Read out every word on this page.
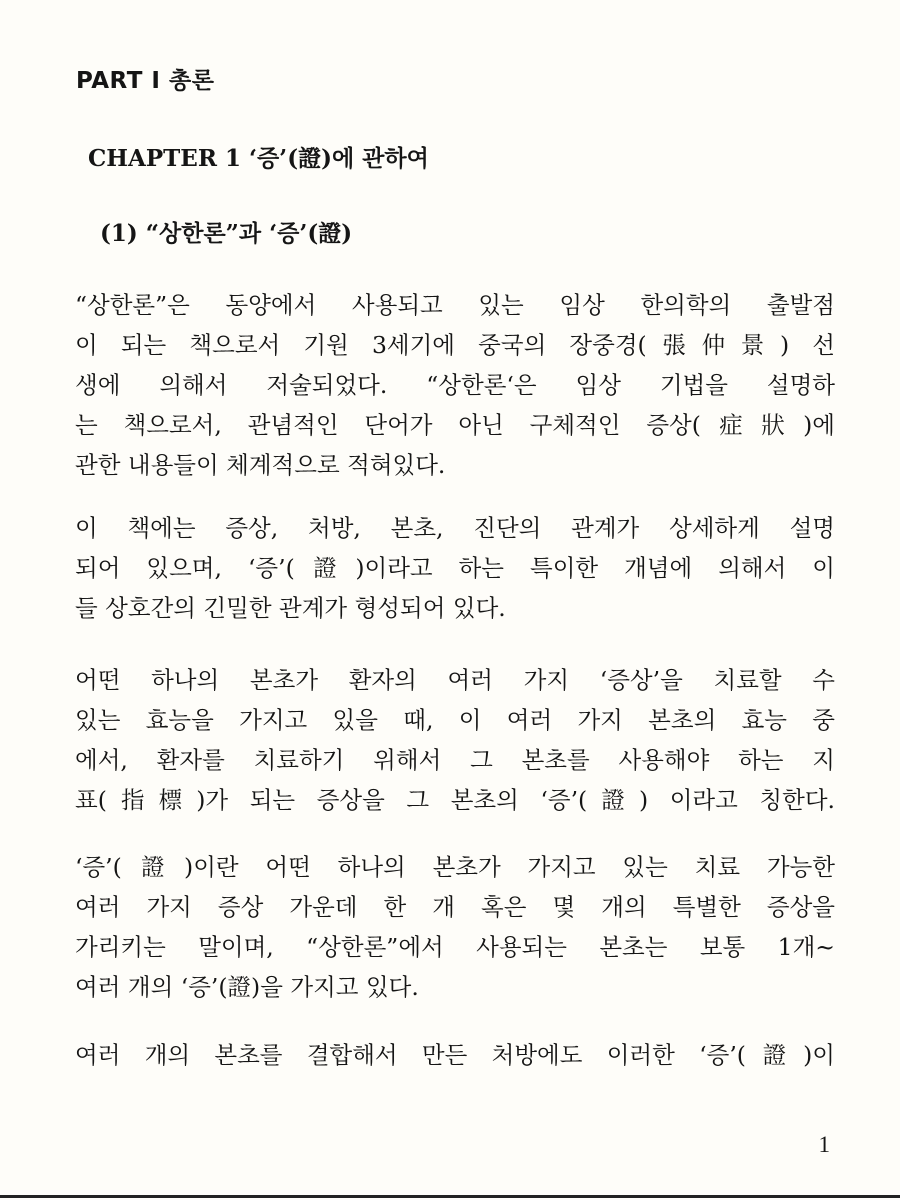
PART I 총론
CHAPTER 1 ‘증’(證)에 관하여
(1) “상한론”과 ‘증’(證)
“상한론”은 동양에서 사용되고 있는 임상 한의학의 출발점
이 되는 책으로서 기원 3세기에 중국의 장중경(張仲景) 선
생에 의해서 저술되었다. “상한론‘은 임상 기법을 설명하
는 책으로서, 관념적인 단어가 아닌 구체적인 증상(症狀)에
관한 내용들이 체계적으로 적혀있다.
이 책에는 증상, 처방, 본초, 진단의 관계가 상세하게 설명
되어 있으며, ‘증’(證)이라고 하는 특이한 개념에 의해서 이
들 상호간의 긴밀한 관계가 형성되어 있다.
어떤 하나의 본초가 환자의 여러 가지 ‘증상’을 치료할 수
있는 효능을 가지고 있을 때, 이 여러 가지 본초의 효능 중
에서, 환자를 치료하기 위해서 그 본초를 사용해야 하는 지
표(指標)가 되는 증상을 그 본초의 ‘증’(證) 이라고 칭한다.
‘증’(證)이란 어떤 하나의 본초가 가지고 있는 치료 가능한
여러 가지 증상 가운데 한 개 혹은 몇 개의 특별한 증상을
가리키는 말이며, “상한론”에서 사용되는 본초는 보통 1개~
여러 개의 ‘증’(證)을 가지고 있다.
여러 개의 본초를 결합해서 만든 처방에도 이러한 ‘증’(證)이
1
